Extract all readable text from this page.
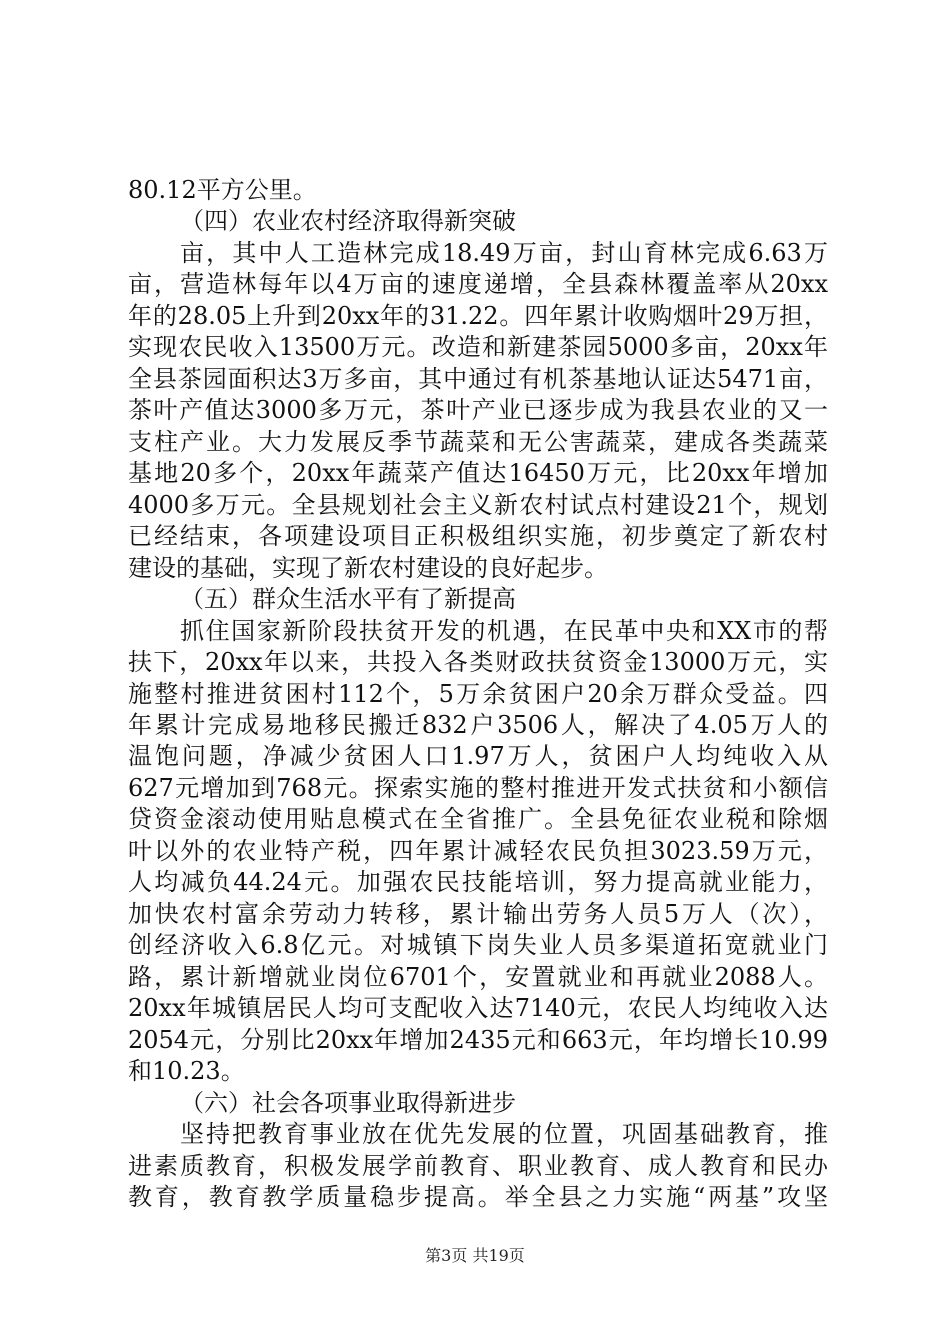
80.12平方公里。
（四）农业农村经济取得新突破
亩，其中人工造林完成18.49万亩，封山育林完成6.63万
亩，营造林每年以4万亩的速度递增，全县森林覆盖率从20xx
年的28.05上升到20xx年的31.22。四年累计收购烟叶29万担，
实现农民收入13500万元。改造和新建茶园5000多亩，20xx年
全县茶园面积达3万多亩，其中通过有机茶基地认证达5471亩，
茶叶产值达3000多万元，茶叶产业已逐步成为我县农业的又一
支柱产业。大力发展反季节蔬菜和无公害蔬菜，建成各类蔬菜
基地20多个，20xx年蔬菜产值达16450万元，比20xx年增加
4000多万元。全县规划社会主义新农村试点村建设21个，规划
已经结束，各项建设项目正积极组织实施，初步奠定了新农村
建设的基础，实现了新农村建设的良好起步。
（五）群众生活水平有了新提高
抓住国家新阶段扶贫开发的机遇，在民革中央和XX市的帮
扶下，20xx年以来，共投入各类财政扶贫资金13000万元，实
施整村推进贫困村112个，5万余贫困户20余万群众受益。四
年累计完成易地移民搬迁832户3506人，解决了4.05万人的
温饱问题，净减少贫困人口1.97万人，贫困户人均纯收入从
627元增加到768元。探索实施的整村推进开发式扶贫和小额信
贷资金滚动使用贴息模式在全省推广。全县免征农业税和除烟
叶以外的农业特产税，四年累计减轻农民负担3023.59万元，
人均减负44.24元。加强农民技能培训，努力提高就业能力，
加快农村富余劳动力转移，累计输出劳务人员5万人（次），
创经济收入6.8亿元。对城镇下岗失业人员多渠道拓宽就业门
路，累计新增就业岗位6701个，安置就业和再就业2088人。
20xx年城镇居民人均可支配收入达7140元，农民人均纯收入达
2054元，分别比20xx年增加2435元和663元，年均增长10.99
和10.23。
（六）社会各项事业取得新进步
坚持把教育事业放在优先发展的位置，巩固基础教育，推
第3页 共19页
进素质教育，积极发展学前教育、职业教育、成人教育和民办
教育，教育教学质量稳步提高。举全县之力实施“两基”攻坚
